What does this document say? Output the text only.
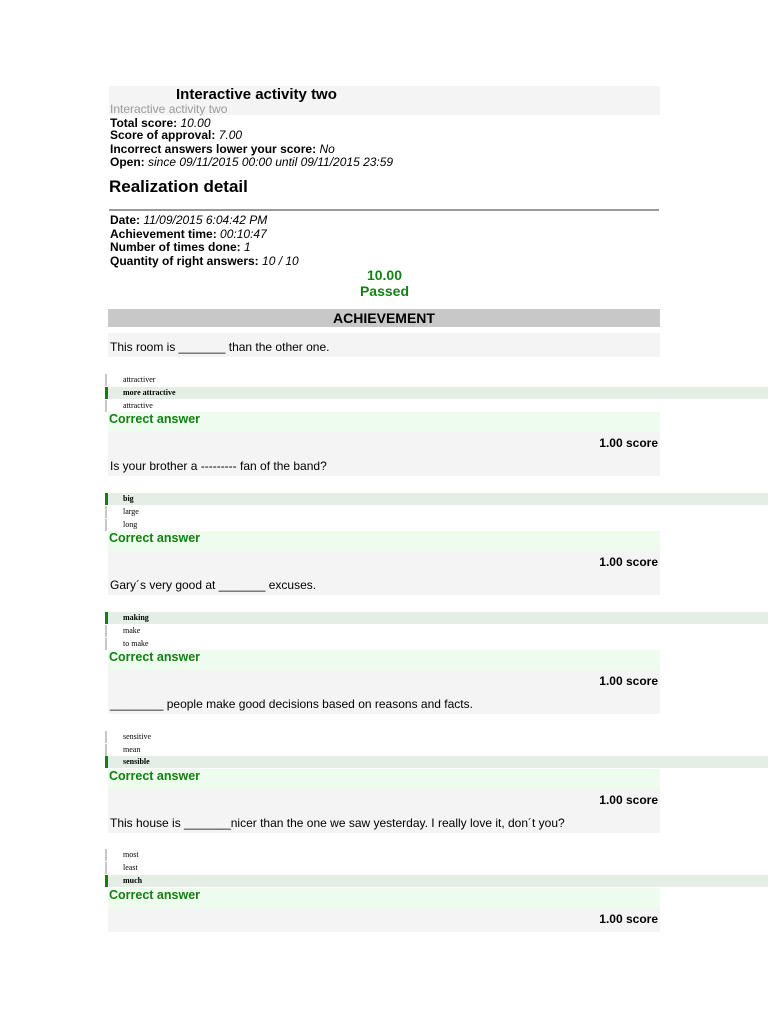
Interactive activity two
Interactive activity two
Total score: 10.00
Score of approval: 7.00
Incorrect answers lower your score: No
Open: since 09/11/2015 00:00 until 09/11/2015 23:59
Realization detail
Date: 11/09/2015 6:04:42 PM
Achievement time: 00:10:47
Number of times done: 1
Quantity of right answers: 10 / 10
10.00
Passed
ACHIEVEMENT
This room is _______ than the other one.
attractiver
more attractive
attractive
Correct answer
1.00 score
Is your brother a --------- fan of the band?
big
large
long
Correct answer
1.00 score
Gary´s very good at _______ excuses.
making
make
to make
Correct answer
1.00 score
________ people make good decisions based on reasons and facts.
sensitive
mean
sensible
Correct answer
1.00 score
This house is _______nicer than the one we saw yesterday. I really love it, don´t you?
most
least
much
Correct answer
1.00 score
